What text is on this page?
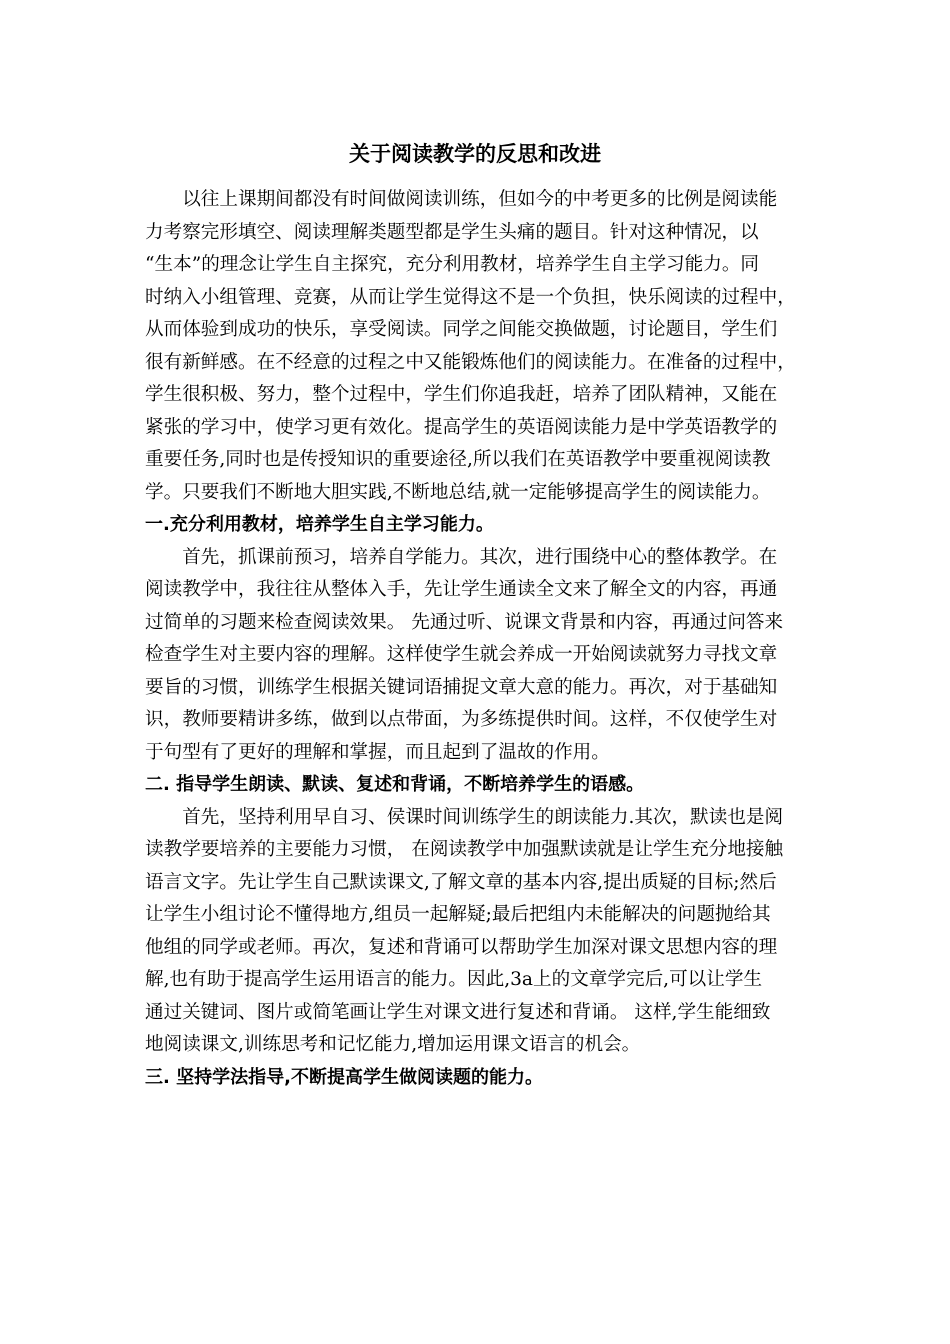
关于阅读教学的反思和改进
以往上课期间都没有时间做阅读训练，但如今的中考更多的比例是阅读能
力考察完形填空、阅读理解类题型都是学生头痛的题目。针对这种情况，以
“生本”的理念让学生自主探究，充分利用教材，培养学生自主学习能力。同
时纳入小组管理、竞赛，从而让学生觉得这不是一个负担，快乐阅读的过程中，
从而体验到成功的快乐，享受阅读。同学之间能交换做题，讨论题目，学生们
很有新鲜感。在不经意的过程之中又能锻炼他们的阅读能力。在准备的过程中，
学生很积极、努力，整个过程中，学生们你追我赶，培养了团队精神，又能在
紧张的学习中，使学习更有效化。提高学生的英语阅读能力是中学英语教学的
重要任务,同时也是传授知识的重要途径,所以我们在英语教学中要重视阅读教
学。只要我们不断地大胆实践,不断地总结,就一定能够提高学生的阅读能力。
一.充分利用教材，培养学生自主学习能力。
首先，抓课前预习，培养自学能力。其次，进行围绕中心的整体教学。在
阅读教学中，我往往从整体入手，先让学生通读全文来了解全文的内容，再通
过简单的习题来检查阅读效果。 先通过听、说课文背景和内容，再通过问答来
检查学生对主要内容的理解。这样使学生就会养成一开始阅读就努力寻找文章
要旨的习惯，训练学生根据关键词语捕捉文章大意的能力。再次，对于基础知
识，教师要精讲多练，做到以点带面，为多练提供时间。这样，不仅使学生对
于句型有了更好的理解和掌握，而且起到了温故的作用。
二. 指导学生朗读、默读、复述和背诵，不断培养学生的语感。
首先，坚持利用早自习、侯课时间训练学生的朗读能力.其次，默读也是阅
读教学要培养的主要能力习惯， 在阅读教学中加强默读就是让学生充分地接触
语言文字。先让学生自己默读课文,了解文章的基本内容,提出质疑的目标;然后
让学生小组讨论不懂得地方,组员一起解疑;最后把组内未能解决的问题抛给其
他组的同学或老师。再次，复述和背诵可以帮助学生加深对课文思想内容的理
解,也有助于提高学生运用语言的能力。因此,3a上的文章学完后,可以让学生
通过关键词、图片或简笔画让学生对课文进行复述和背诵。 这样,学生能细致
地阅读课文,训练思考和记忆能力,增加运用课文语言的机会。
三. 坚持学法指导,不断提高学生做阅读题的能力。
